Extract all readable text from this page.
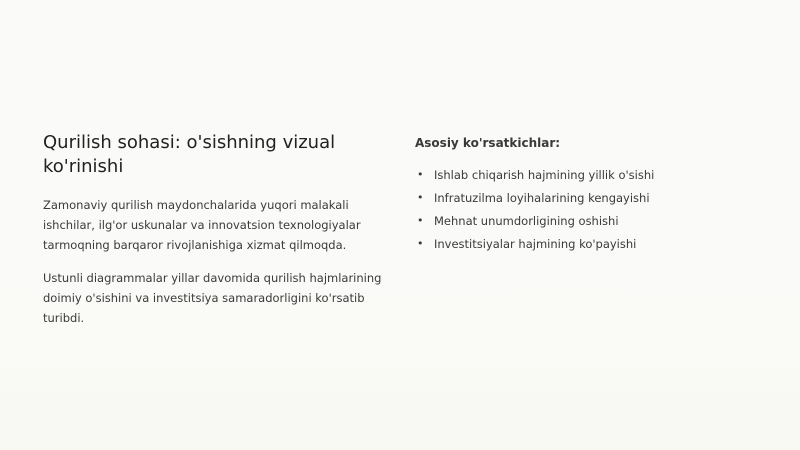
Qurilish sohasi: o'sishning vizual ko'rinishi

Zamonaviy qurilish maydonchalarida yuqori malakali ishchilar, ilg'or uskunalar va innovatsion texnologiyalar tarmoqning barqaror rivojlanishiga xizmat qilmoqda.

Ustunli diagrammalar yillar davomida qurilish hajmlarining doimiy o'sishini va investitsiya samaradorligini ko'rsatib turibdi.

Asosiy ko'rsatkichlar:
• Ishlab chiqarish hajmining yillik o'sishi
• Infratuzilma loyihalarining kengayishi
• Mehnat unumdorligining oshishi
• Investitsiyalar hajmining ko'payishi
